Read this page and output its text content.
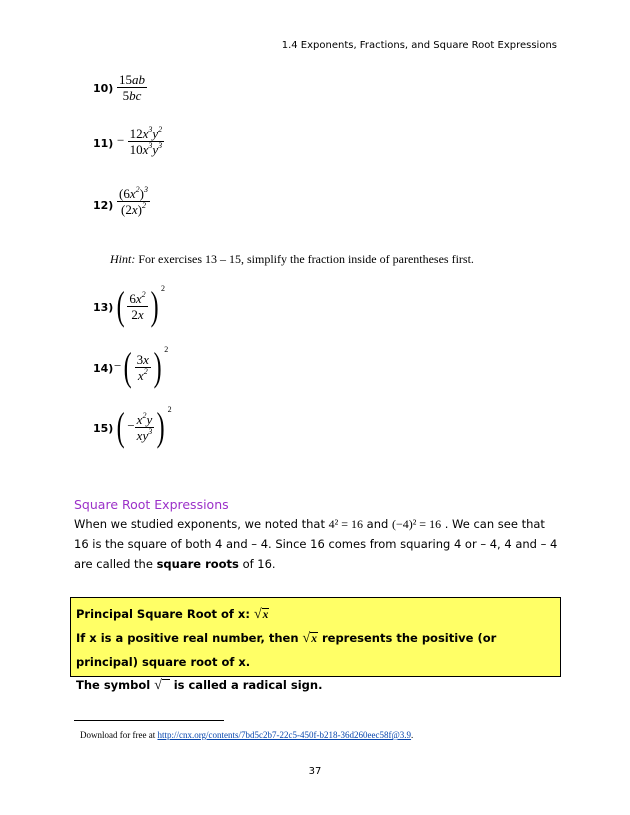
1.4 Exponents, Fractions, and Square Root Expressions
$10) \frac{15ab}{5bc}$
$11) - \frac{12x^3y^2}{10x^3y^3}$
$12) \frac{(6x^2)^3}{(2x)^2}$
Hint: For exercises 13 – 15, simplify the fraction inside of parentheses first.
13) ( $\frac{6x^2}{2x}$ ) $^2$
14) −( $\frac{3x}{x^2}$ ) $^2$
15) ( − $\frac{x^2y}{xy^3}$ ) $^2$
Square Root Expressions
When we studied exponents, we noted that 4² = 16 and (−4)² = 16 . We can see that 16 is the square of both 4 and – 4. Since 16 comes from squaring 4 or – 4, 4 and – 4 are called the square roots of 16.
Principal Square Root of x: √x
If x is a positive real number, then √x represents the positive (or principal) square root of x.
The symbol √ is called a radical sign.
Download for free at http://cnx.org/contents/7bd5c2b7-22c5-450f-b218-36d260eec58f@3.9.
37
